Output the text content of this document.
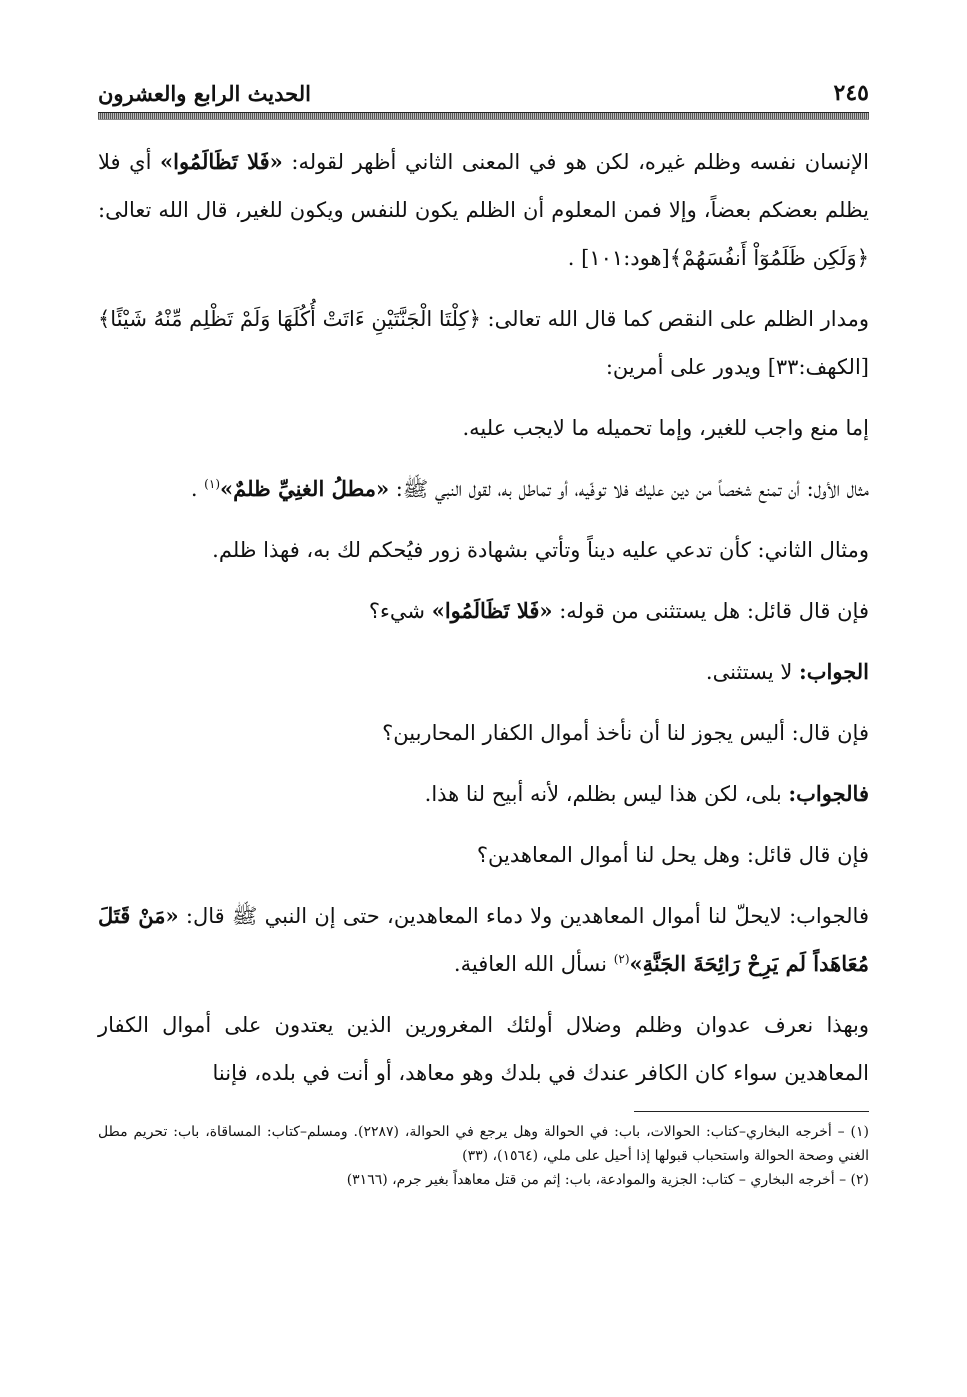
٢٤٥
الحديث الرابع والعشرون

الإنسان نفسه وظلم غيره، لكن هو في المعنى الثاني أظهر لقوله: «فَلا تَظَالَمُوا» أي فلا يظلم بعضكم بعضاً، وإلا فمن المعلوم أن الظلم يكون للنفس ويكون للغير، قال الله تعالى: ﴿وَلَكِن ظَلَمُوٓاْ أَنفُسَهُمْ﴾[هود:١٠١] .

ومدار الظلم على النقص كما قال الله تعالى: ﴿كِلْتَا الْجَنَّتَيْنِ ءَاتَتْ أُكُلَهَا وَلَمْ تَظْلِم مِّنْهُ شَيْئًا﴾[الكهف:٣٣] ويدور على أمرين:

إما منع واجب للغير، وإما تحميله ما لايجب عليه.

مثال الأول: أن تمنع شخصاً من دين عليك فلا توفّيه، أو تماطل به، لقول النبي ﷺ: «مطلُ الغنِيِّ ظلمٌ»$^{(١)}$ .

ومثال الثاني: كأن تدعي عليه ديناً وتأتي بشهادة زور فيُحكم لك به، فهذا ظلم.

فإن قال قائل: هل يستثنى من قوله: «فَلا تَظَالَمُوا» شيء؟

الجواب: لا يستثنى.

فإن قال: أليس يجوز لنا أن نأخذ أموال الكفار المحاربين؟

فالجواب: بلى، لكن هذا ليس بظلم، لأنه أبيح لنا هذا.

فإن قال قائل: وهل يحل لنا أموال المعاهدين؟

فالجواب: لايحلّ لنا أموال المعاهدين ولا دماء المعاهدين، حتى إن النبي ﷺ قال: «مَنْ قَتَلَ مُعَاهَداً لَم يَرِحْ رَائِحَةَ الجَنَّةِ»$^{(٢)}$ نسأل الله العافية.

وبهذا نعرف عدوان وظلم وضلال أولئك المغرورين الذين يعتدون على أموال الكفار المعاهدين سواء كان الكافر عندك في بلدك وهو معاهد، أو أنت في بلده، فإننا

(١) – أخرجه البخاري–كتاب: الحوالات، باب: في الحوالة وهل يرجع في الحوالة، (٢٢٨٧). ومسلم–كتاب: المساقاة، باب: تحريم مطل الغني وصحة الحوالة واستحباب قبولها إذا أحيل على ملي، (١٥٦٤)، (٣٣)

(٢) – أخرجه البخاري – كتاب: الجزية والموادعة، باب: إثم من قتل معاهداً بغير جرم، (٣١٦٦)
